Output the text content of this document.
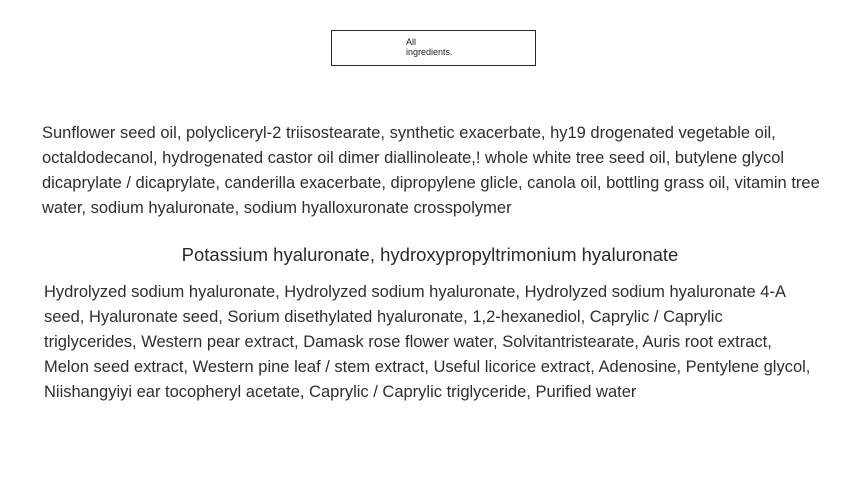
All
ingredients.

Sunflower seed oil, polycliceryl-2 triisostearate, synthetic exacerbate, hy19 drogenated vegetable oil, octaldodecanol, hydrogenated castor oil dimer diallinoleate,! whole white tree seed oil, butylene glycol dicaprylate / dicaprylate, canderilla exacerbate, dipropylene glicle, canola oil, bottling grass oil, vitamin tree water, sodium hyaluronate, sodium hyalloxuronate crosspolymer

Potassium hyaluronate, hydroxypropyltrimonium hyaluronate

Hydrolyzed sodium hyaluronate, Hydrolyzed sodium hyaluronate, Hydrolyzed sodium hyaluronate 4-A seed, Hyaluronate seed, Sorium disethylated hyaluronate, 1,2-hexanediol, Caprylic / Caprylic triglycerides, Western pear extract, Damask rose flower water, Solvitantristearate, Auris root extract, Melon seed extract, Western pine leaf / stem extract, Useful licorice extract, Adenosine, Pentylene glycol, Niishangyiyi ear tocopheryl acetate, Caprylic / Caprylic triglyceride, Purified water
